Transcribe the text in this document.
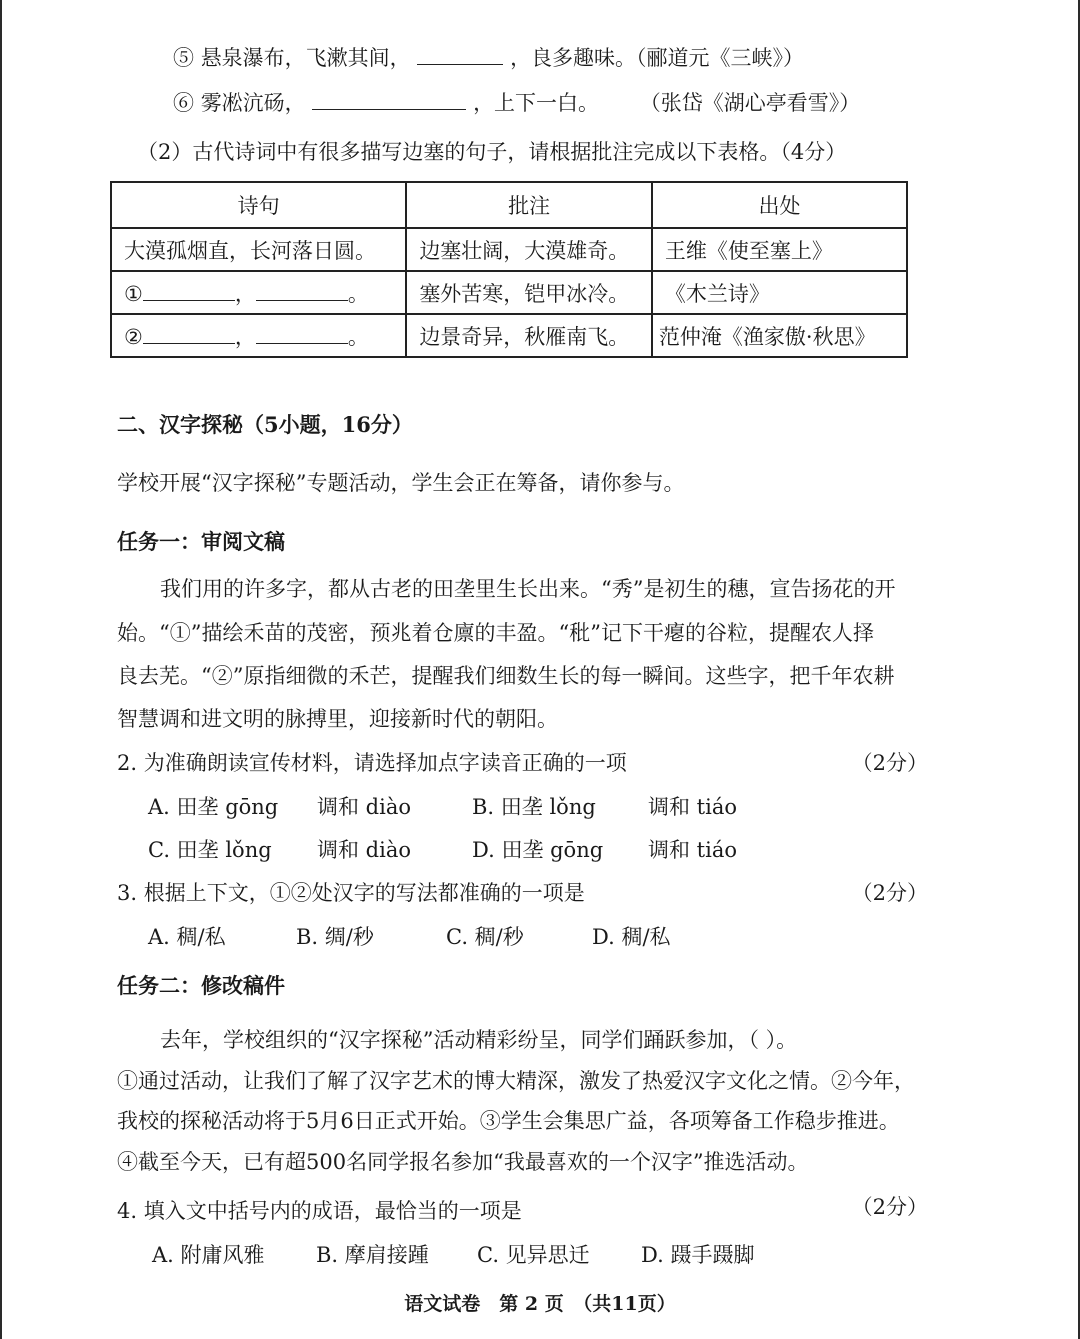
⑤ 悬泉瀑布，飞漱其间，	，良多趣味。（郦道元《三峡》）
⑥ 雾凇沆砀，	，上下一白。 （张岱《湖心亭看雪》）
（2）古代诗词中有很多描写边塞的句子，请根据批注完成以下表格。（4分）
诗句	批注	出处
大漠孤烟直，长河落日圆。	边塞壮阔，大漠雄奇。	王维《使至塞上》
① ， 。	塞外苦寒，铠甲冰冷。	《木兰诗》
② ， 。	边景奇异，秋雁南飞。	范仲淹《渔家傲·秋思》
二、汉字探秘（5小题，16分）
学校开展“汉字探秘”专题活动，学生会正在筹备，请你参与。
任务一：审阅文稿
我们用的许多字，都从古老的田垄里生长出来。“秀”是初生的穗，宣告扬花的开
始。“①”描绘禾苗的茂密，预兆着仓廪的丰盈。“秕”记下干瘪的谷粒，提醒农人择
良去芜。“②”原指细微的禾芒，提醒我们细数生长的每一瞬间。这些字，把千年农耕
智慧调和进文明的脉搏里，迎接新时代的朝阳。
2. 为准确朗读宣传材料，请选择加点字读音正确的一项	（2分）
A. 田垄 gōng 调和 diào	B. 田垄 lǒng 调和 tiáo
C. 田垄 lǒng 调和 diào	D. 田垄 gōng 调和 tiáo
3. 根据上下文，①②处汉字的写法都准确的一项是	（2分）
A. 稠/私	B. 绸/秒	C. 稠/秒	D. 稠/私
任务二：修改稿件
去年，学校组织的“汉字探秘”活动精彩纷呈，同学们踊跃参加，（ ）。
①通过活动，让我们了解了汉字艺术的博大精深，激发了热爱汉字文化之情。②今年，
我校的探秘活动将于5月6日正式开始。③学生会集思广益，各项筹备工作稳步推进。
④截至今天，已有超500名同学报名参加“我最喜欢的一个汉字”推选活动。
4. 填入文中括号内的成语，最恰当的一项是	（2分）
A. 附庸风雅 B. 摩肩接踵 C. 见异思迁 D. 蹑手蹑脚
语文试卷　第 2 页　（共11页）
